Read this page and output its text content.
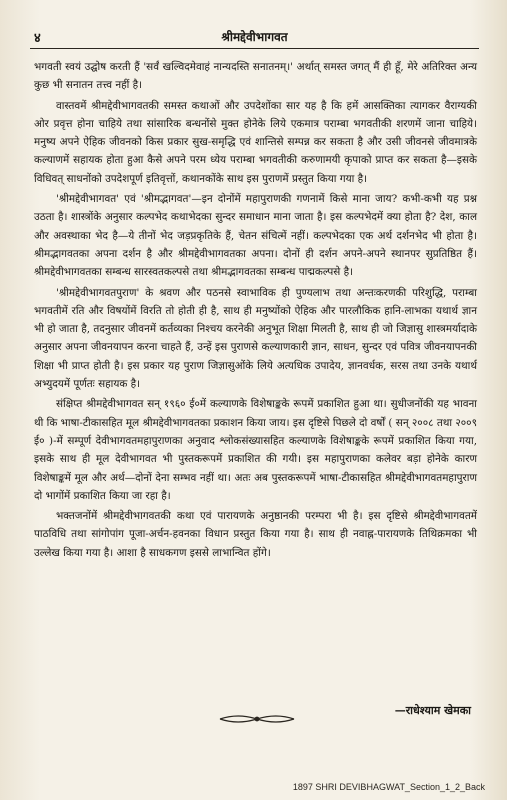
४	श्रीमद्देवीभागवत

भगवती स्वयं उद्घोष करती हैं 'सर्वं खल्विदमेवाहं नान्यदस्ति सनातनम्।' अर्थात् समस्त जगत् मैं ही हूँ, मेरे अतिरिक्त अन्य कुछ भी सनातन तत्त्व नहीं है।

वास्तवमें श्रीमद्देवीभागवतकी समस्त कथाओं और उपदेशोंका सार यह है कि हमें आसक्तिका त्यागकर वैराग्यकी ओर प्रवृत्त होना चाहिये तथा सांसारिक बन्धनोंसे मुक्त होनेके लिये एकमात्र पराम्बा भगवतीकी शरणमें जाना चाहिये। मनुष्य अपने ऐहिक जीवनको किस प्रकार सुख-समृद्धि एवं शान्तिसे सम्पन्न कर सकता है और उसी जीवनसे जीवमात्रके कल्याणमें सहायक होता हुआ कैसे अपने परम ध्येय पराम्बा भगवतीकी करुणामयी कृपाको प्राप्त कर सकता है—इसके विधिवत् साधनोंको उपदेशपूर्ण इतिवृत्तों, कथानकोंके साथ इस पुराणमें प्रस्तुत किया गया है।

'श्रीमद्देवीभागवत' एवं 'श्रीमद्भागवत'—इन दोनोंमें महापुराणकी गणनामें किसे माना जाय? कभी-कभी यह प्रश्न उठता है। शास्त्रोंके अनुसार कल्पभेद कथाभेदका सुन्दर समाधान माना जाता है। इस कल्पभेदमें क्या होता है? देश, काल और अवस्थाका भेद है—ये तीनों भेद जड़प्रकृतिके हैं, चेतन संचित्में नहीं। कल्पभेदका एक अर्थ दर्शनभेद भी होता है। श्रीमद्भागवतका अपना दर्शन है और श्रीमद्देवीभागवतका अपना। दोनों ही दर्शन अपने-अपने स्थानपर सुप्रतिष्ठित हैं। श्रीमद्देवीभागवतका सम्बन्ध सारस्वतकल्पसे तथा श्रीमद्भागवतका सम्बन्ध पाद्मकल्पसे है।

'श्रीमद्देवीभागवतपुराण' के श्रवण और पठनसे स्वाभाविक ही पुण्यलाभ तथा अन्तःकरणकी परिशुद्धि, पराम्बा भगवतीमें रति और विषयोंमें विरति तो होती ही है, साथ ही मनुष्योंको ऐहिक और पारलौकिक हानि-लाभका यथार्थ ज्ञान भी हो जाता है, तदनुसार जीवनमें कर्तव्यका निश्चय करनेकी अनुभूत शिक्षा मिलती है, साथ ही जो जिज्ञासु शास्त्रमर्यादाके अनुसार अपना जीवनयापन करना चाहते हैं, उन्हें इस पुराणसे कल्याणकारी ज्ञान, साधन, सुन्दर एवं पवित्र जीवनयापनकी शिक्षा भी प्राप्त होती है। इस प्रकार यह पुराण जिज्ञासुओंके लिये अत्यधिक उपादेय, ज्ञानवर्धक, सरस तथा उनके यथार्थ अभ्युदयमें पूर्णतः सहायक है।

संक्षिप्त श्रीमद्देवीभागवत सन् १९६० ई०में कल्याणके विशेषाङ्कके रूपमें प्रकाशित हुआ था। सुधीजनोंकी यह भावना थी कि भाषा-टीकासहित मूल श्रीमद्देवीभागवतका प्रकाशन किया जाय। इस दृष्टिसे पिछले दो वर्षों ( सन् २००८ तथा २००९ ई० )-में सम्पूर्ण देवीभागवतमहापुराणका अनुवाद श्लोकसंख्यासहित कल्याणके विशेषाङ्कके रूपमें प्रकाशित किया गया, इसके साथ ही मूल देवीभागवत भी पुस्तकरूपमें प्रकाशित की गयी। इस महापुराणका कलेवर बड़ा होनेके कारण विशेषाङ्कमें मूल और अर्थ—दोनों देना सम्भव नहीं था। अतः अब पुस्तकरूपमें भाषा-टीकासहित श्रीमद्देवीभागवतमहापुराण दो भागोंमें प्रकाशित किया जा रहा है।

भक्तजनोंमें श्रीमद्देवीभागवतकी कथा एवं पारायणके अनुष्ठानकी परम्परा भी है। इस दृष्टिसे श्रीमद्देवीभागवतमें पाठविधि तथा सांगोपांग पूजा-अर्चन-हवनका विधान प्रस्तुत किया गया है। साथ ही नवाह्न-पारायणके तिथिक्रमका भी उल्लेख किया गया है। आशा है साधकगण इससे लाभान्वित होंगे।

—राधेश्याम खेमका
1897 SHRI DEVIBHAGWAT_Section_1_2_Back
